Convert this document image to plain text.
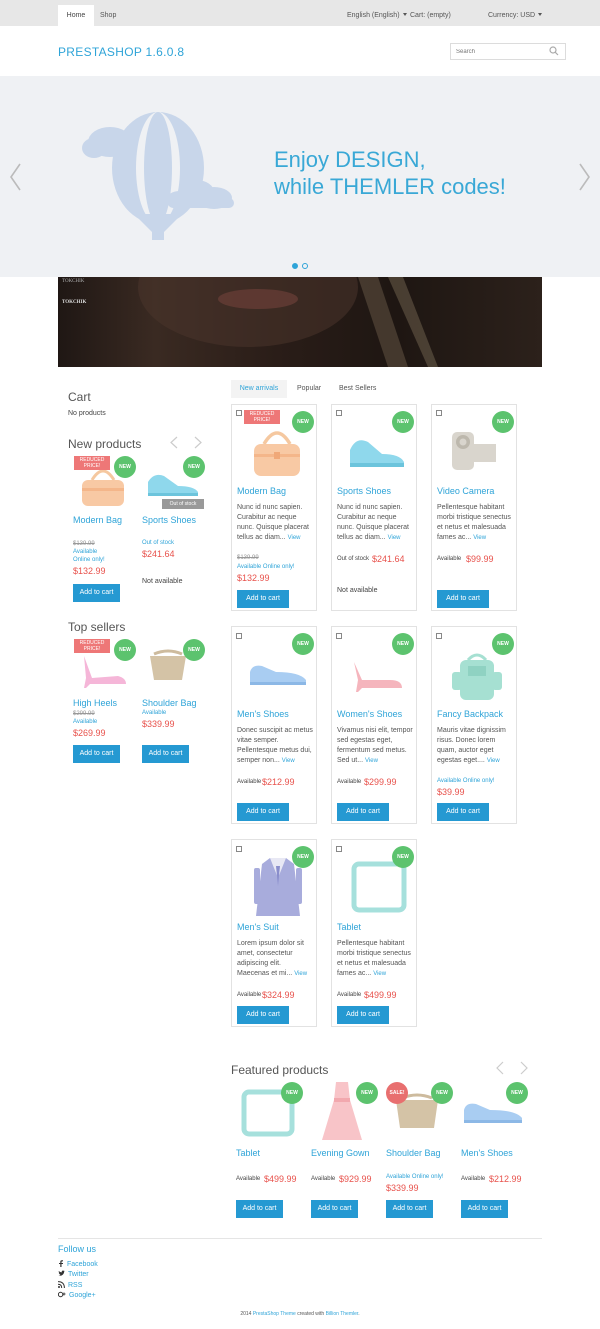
Home	Shop	English (English)	Cart: (empty)	Currency: USD
PRESTASHOP 1.6.0.8
Search
Enjoy DESIGN,
while THEMLER codes!
TOKCHIK
TOKCHIK
Cart
No products
New products
REDUCED PRICE!	NEW
Modern Bag
$139.99
Available
Online only!
$132.99
Add to cart
Out of stock
NEW
Sports Shoes
Out of stock
$241.64
Not available
Top sellers
REDUCED PRICE!	NEW
High Heels
$299.99
Available
$269.99
Add to cart
NEW
Shoulder Bag
Available
$339.99
Add to cart
New arrivals	Popular	Best Sellers
REDUCED PRICE!	NEW
Modern Bag
Nunc id nunc sapien. Curabitur ac neque nunc. Quisque placerat tellus ac diam... View
$139.99
Available Online only!
$132.99
Add to cart
NEW
Sports Shoes
Nunc id nunc sapien. Curabitur ac neque nunc. Quisque placerat tellus ac diam... View
Out of stock $241.64
Not available
NEW
Video Camera
Pellentesque habitant morbi tristique senectus et netus et malesuada fames ac... View
Available $99.99
Add to cart
NEW
Men's Shoes
Donec suscipit ac metus vitae semper. Pellentesque metus dui, semper non... View
Available $212.99
Add to cart
NEW
Women's Shoes
Vivamus nisi elit, tempor sed egestas eget, fermentum sed metus. Sed ut... View
Available $299.99
Add to cart
NEW
Fancy Backpack
Mauris vitae dignissim risus. Donec lorem quam, auctor eget egestas eget.... View
Available Online only!
$39.99
Add to cart
NEW
Men's Suit
Lorem ipsum dolor sit amet, consectetur adipiscing elit. Maecenas et mi... View
Available $324.99
Add to cart
NEW
Tablet
Pellentesque habitant morbi tristique senectus et netus et malesuada fames ac... View
Available $499.99
Add to cart
Featured products
NEW
Tablet
Available $499.99
Add to cart
NEW
Evening Gown
Available $929.99
Add to cart
SALE!	NEW
Shoulder Bag
Available Online only!
$339.99
Add to cart
NEW
Men's Shoes
Available $212.99
Add to cart
Follow us
Facebook
Twitter
RSS
Google+
2014 PrestaShop Theme created with Billion Themler.
